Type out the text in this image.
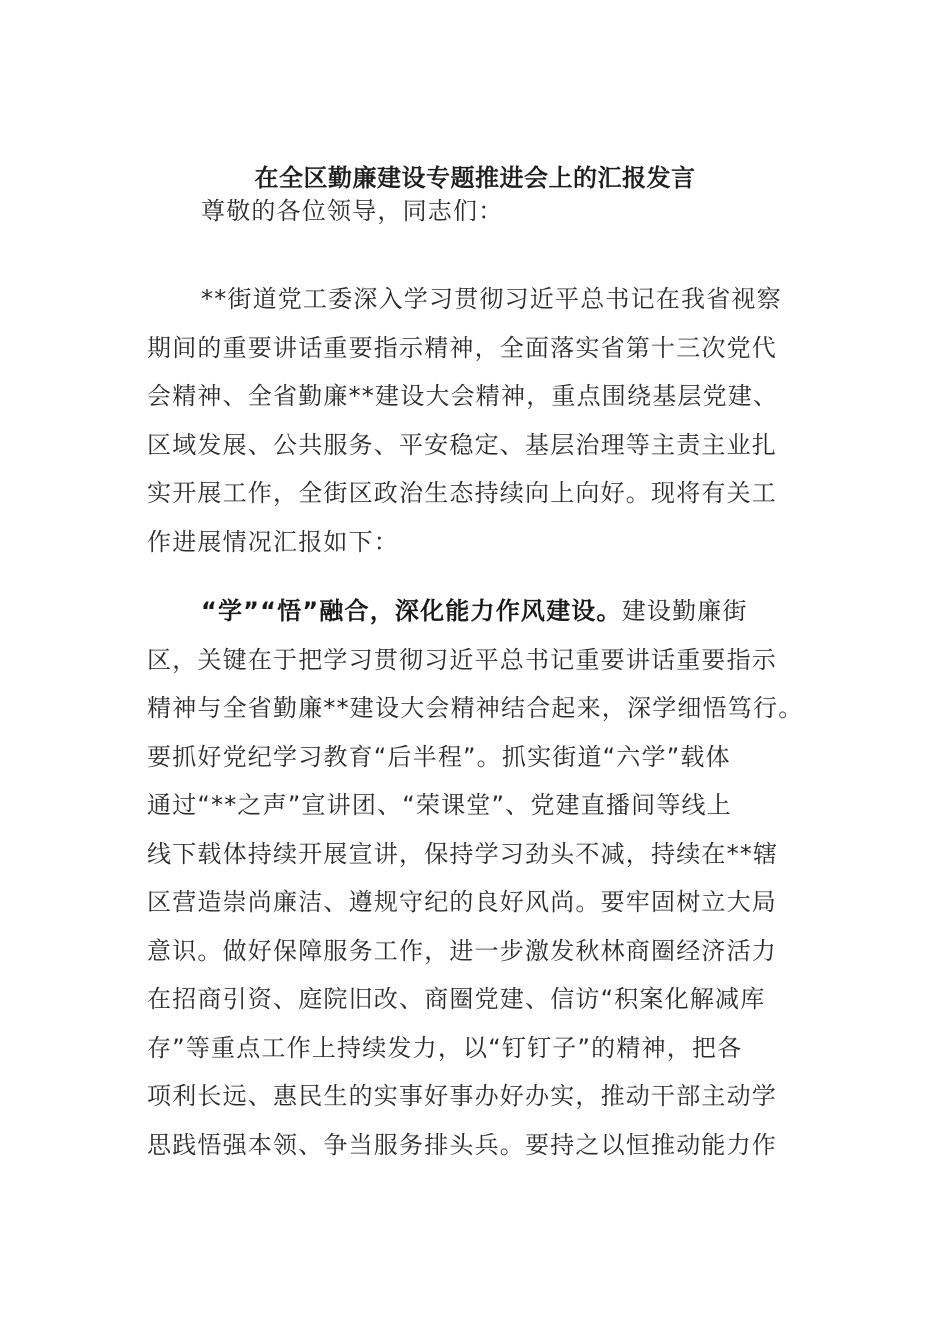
在全区勤廉建设专题推进会上的汇报发言
尊敬的各位领导，同志们：
**街道党工委深入学习贯彻习近平总书记在我省视察
期间的重要讲话重要指示精神，全面落实省第十三次党代
会精神、全省勤廉**建设大会精神，重点围绕基层党建、
区域发展、公共服务、平安稳定、基层治理等主责主业扎
实开展工作，全街区政治生态持续向上向好。现将有关工
作进展情况汇报如下：
“学”“悟”融合，深化能力作风建设。建设勤廉街
区，关键在于把学习贯彻习近平总书记重要讲话重要指示
精神与全省勤廉**建设大会精神结合起来，深学细悟笃行。
要抓好党纪学习教育“后半程”。抓实街道“六学”载体
通过“**之声”宣讲团、“荣课堂”、党建直播间等线上
线下载体持续开展宣讲，保持学习劲头不减，持续在**辖
区营造崇尚廉洁、遵规守纪的良好风尚。要牢固树立大局
意识。做好保障服务工作，进一步激发秋林商圈经济活力
在招商引资、庭院旧改、商圈党建、信访“积案化解减库
存”等重点工作上持续发力，以“钉钉子”的精神，把各
项利长远、惠民生的实事好事办好办实，推动干部主动学
思践悟强本领、争当服务排头兵。要持之以恒推动能力作
